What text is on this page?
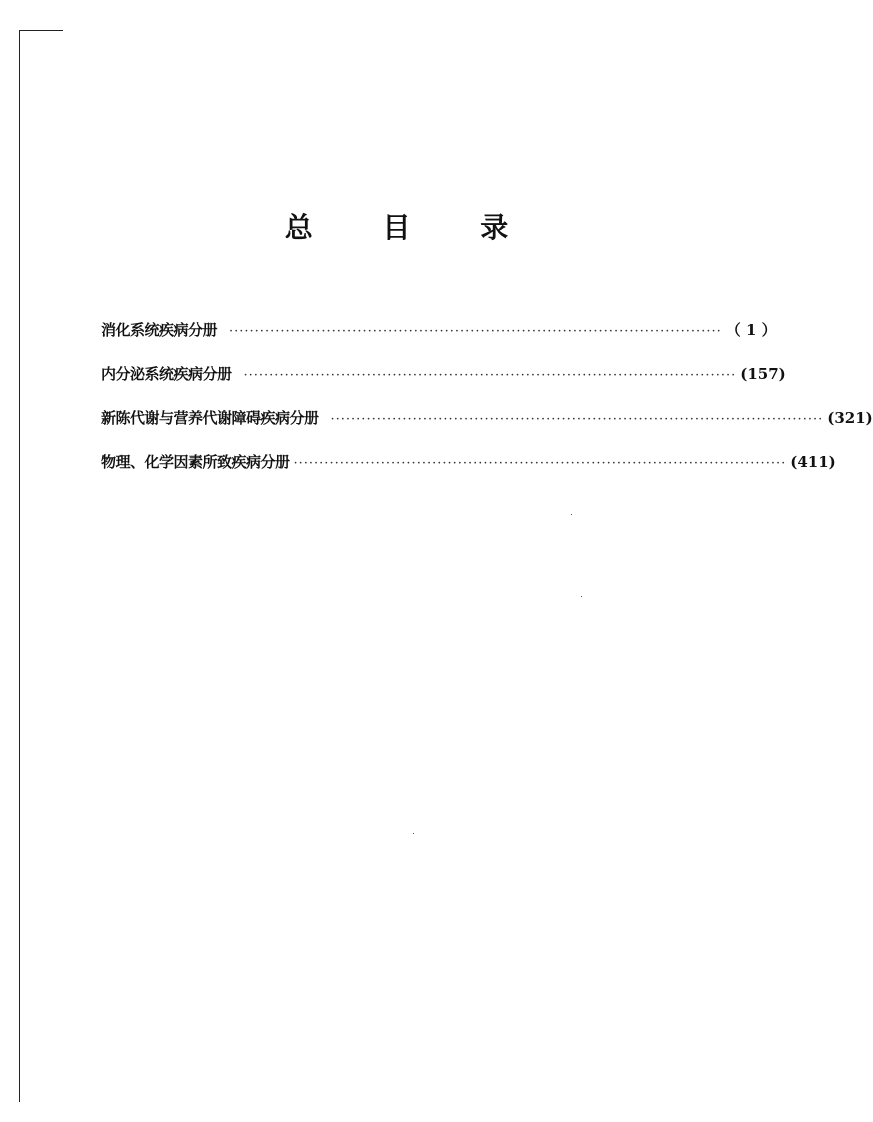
总 目 录
消化系统疾病分册 ································································································ （ 1 ）
内分泌系统疾病分册 ································································································ (157)
新陈代谢与营养代谢障碍疾病分册 ································································································ (321)
物理、化学因素所致疾病分册 ································································································ (411)
